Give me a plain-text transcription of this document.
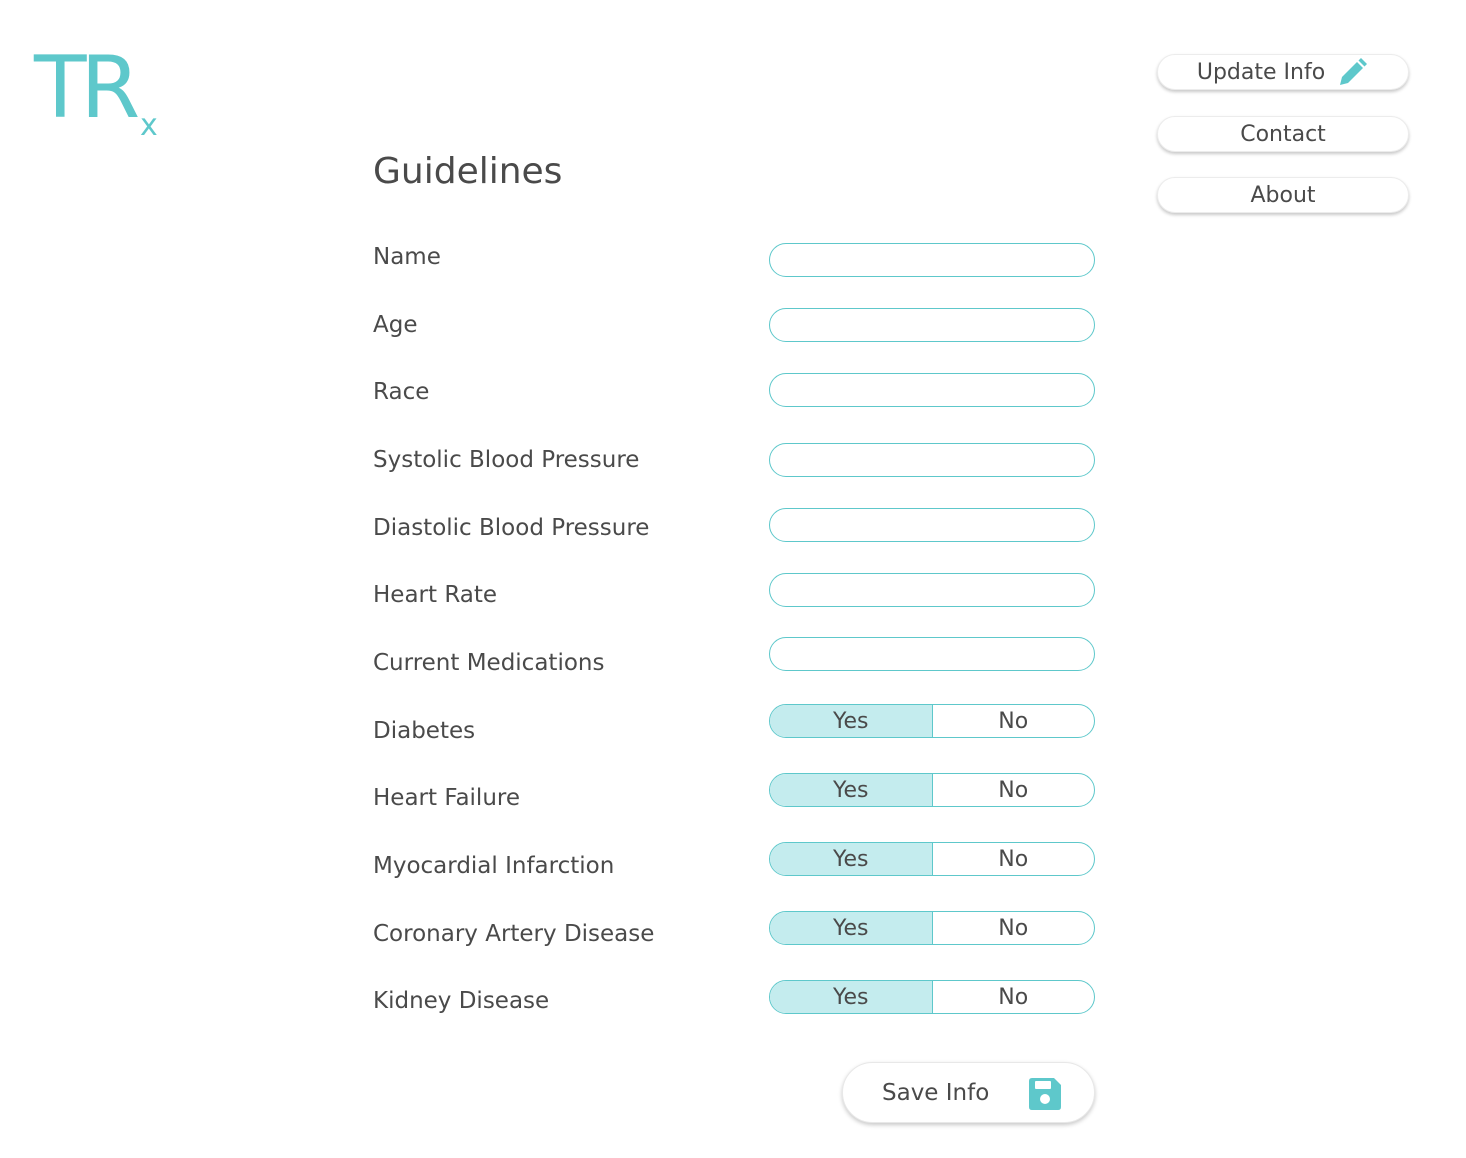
TR x
Update Info
Contact
About
Guidelines
Name
Age
Race
Systolic Blood Pressure
Diastolic Blood Pressure
Heart Rate
Current Medications
Diabetes	Yes	No
Heart Failure	Yes	No
Myocardial Infarction	Yes	No
Coronary Artery Disease	Yes	No
Kidney Disease	Yes	No
Save Info
